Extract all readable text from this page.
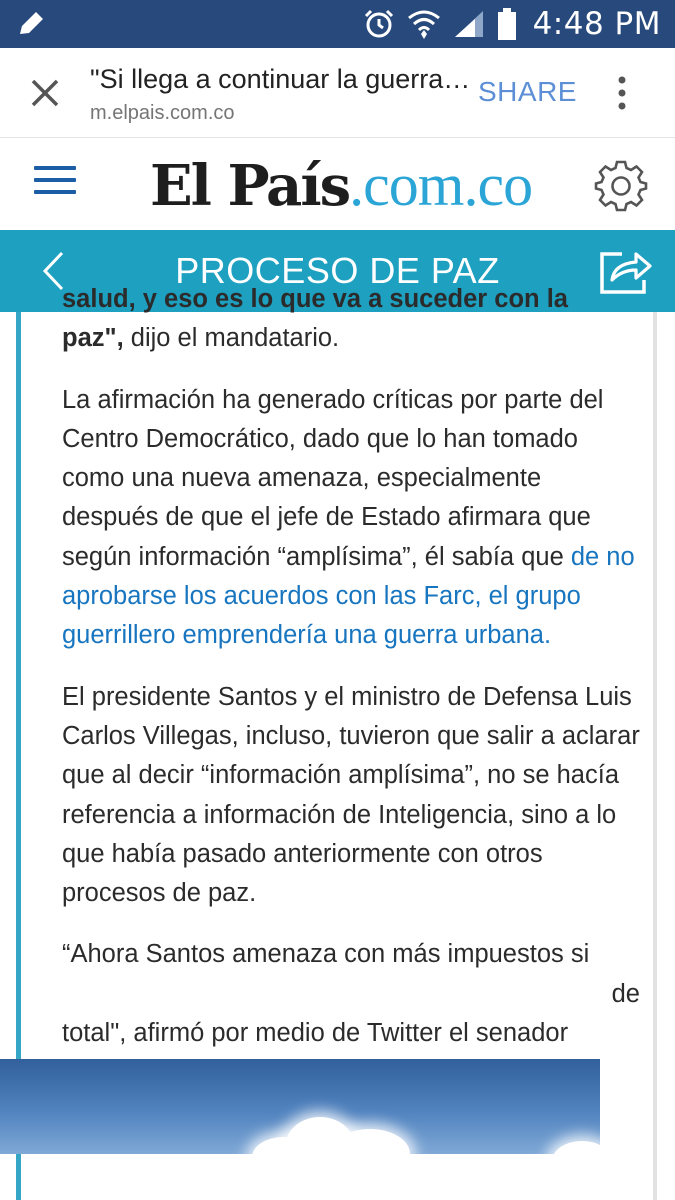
4:48 PM
"Si llega a continuar la guerra…
m.elpais.com.co
SHARE
El País.com.co
PROCESO DE PAZ

salud, y eso es lo que va a suceder con la
paz", dijo el mandatario.

La afirmación ha generado críticas por parte del Centro Democrático, dado que lo han tomado como una nueva amenaza, especialmente después de que el jefe de Estado afirmara que según información “amplísima”, él sabía que de no aprobarse los acuerdos con las Farc, el grupo guerrillero emprendería una guerra urbana.

El presidente Santos y el ministro de Defensa Luis Carlos Villegas, incluso, tuvieron que salir a aclarar que al decir “información amplísima”, no se hacía referencia a información de Inteligencia, sino a lo que había pasado anteriormente con otros procesos de paz.

“Ahora Santos amenaza con más impuestos si

de
total", afirmó por medio de Twitter el senador
